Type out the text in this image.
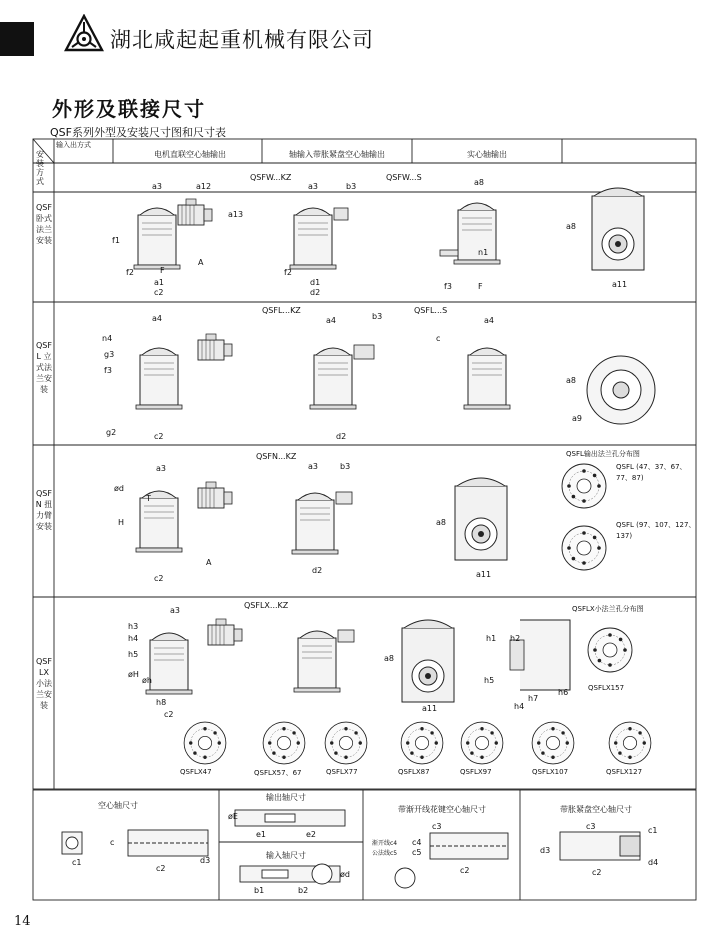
湖北咸起起重机械有限公司
外形及联接尺寸
QSF系列外型及安装尺寸图和尺寸表
输入出方式
电机直联空心轴输出	轴输入带胀紧盘空心轴输出	实心轴输出
安装方式
QSF 卧式法兰安装
QSFL 立式法兰安装
QSFN 扭力臂安装
QSFLX 小法兰安装
QSFW...KZ	QSFW...S
QSFL...KZ	QSFL...S
QSFN...KZ	QSFL输出法兰孔分布图
QSFL (47、37、67、77、87)
QSFL (97、107、127、137)
QSFLX...KZ	QSFLX小法兰孔分布图
QSFLX157
a3	a12
a13
f1
f2	F
a1
c2
A
a3	b3
f2
d1
d2
a8
n1
f3	F
a8
a11
a4
n4
g3
f3
c2
g2
a4	b3
d2
a4
c
a9
a8
a3
ød
T
H
c2
A
a3	b3
d2
a8
a11
a3
h3
h4
h5
øH
øh
h8
c2
a8
a11
h1 h2
h5
h6
h7
h4
QSFLX47	QSFLX57、67	QSFLX77	QSFLX87	QSFLX97	QSFLX107	QSFLX127
空心轴尺寸
输出轴尺寸
输入轴尺寸
带渐开线花键空心轴尺寸	带胀紧盘空心轴尺寸
渐开线c4
公法线c5
c1
c2
d3
c
øE
e1	e2
ød
b1	b2
c3
c2
c4
c5
c1
d3
d4
c2
c3
14
